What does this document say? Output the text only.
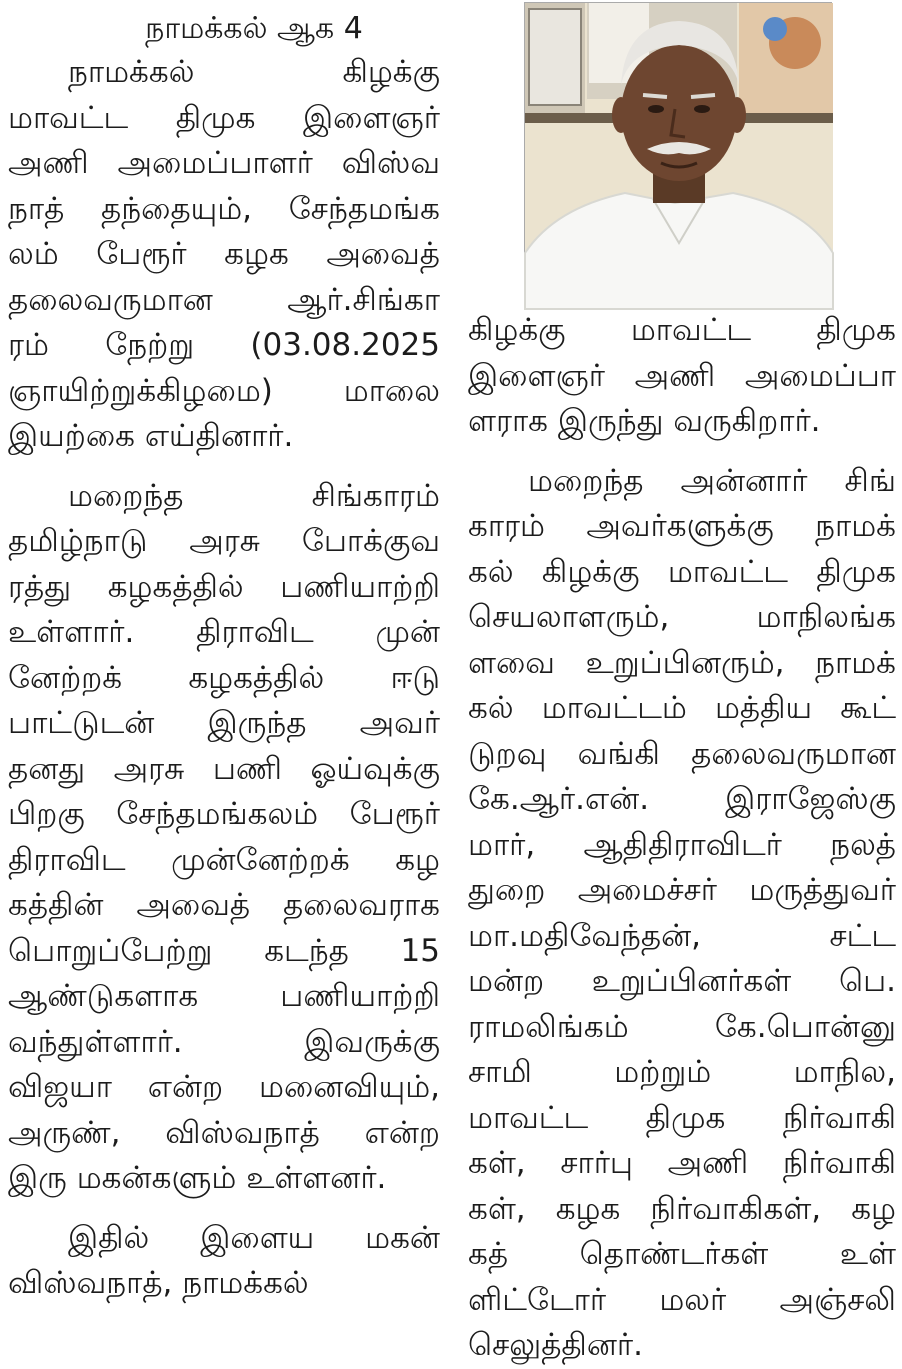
நாமக்கல் ஆக 4
நாமக்கல் கிழக்கு
மாவட்ட திமுக இளைஞர்
அணி அமைப்பாளர் விஸ்வ
நாத் தந்தையும், சேந்தமங்க
லம் பேரூர் கழக அவைத்
தலைவருமான ஆர்.சிங்கா
ரம் நேற்று (03.08.2025
ஞாயிற்றுக்கிழமை) மாலை
இயற்கை எய்தினார்.
மறைந்த சிங்காரம்
தமிழ்நாடு அரசு போக்குவ
ரத்து கழகத்தில் பணியாற்றி
உள்ளார். திராவிட முன்
னேற்றக் கழகத்தில் ஈடு
பாட்டுடன் இருந்த அவர்
தனது அரசு பணி ஓய்வுக்கு
பிறகு சேந்தமங்கலம் பேரூர்
திராவிட முன்னேற்றக் கழ
கத்தின் அவைத் தலைவராக
பொறுப்பேற்று கடந்த 15
ஆண்டுகளாக பணியாற்றி
வந்துள்ளார். இவருக்கு
விஜயா என்ற மனைவியும்,
அருண், விஸ்வநாத் என்ற
இரு மகன்களும் உள்ளனர்.
இதில் இளைய மகன்
விஸ்வநாத், நாமக்கல்
கிழக்கு மாவட்ட திமுக
இளைஞர் அணி அமைப்பா
ளராக இருந்து வருகிறார்.
மறைந்த அன்னார் சிங்
காரம் அவர்களுக்கு நாமக்
கல் கிழக்கு மாவட்ட திமுக
செயலாளரும், மாநிலங்க
ளவை உறுப்பினரும், நாமக்
கல் மாவட்டம் மத்திய கூட்
டுறவு வங்கி தலைவருமான
கே.ஆர்.என். இராஜேஸ்கு
மார், ஆதிதிராவிடர் நலத்
துறை அமைச்சர் மருத்துவர்
மா.மதிவேந்தன், சட்ட
மன்ற உறுப்பினர்கள் பெ.
ராமலிங்கம் கே.பொன்னு
சாமி மற்றும் மாநில,
மாவட்ட திமுக நிர்வாகி
கள், சார்பு அணி நிர்வாகி
கள், கழக நிர்வாகிகள், கழ
கத் தொண்டர்கள் உள்
ளிட்டோர் மலர் அஞ்சலி
செலுத்தினர்.
